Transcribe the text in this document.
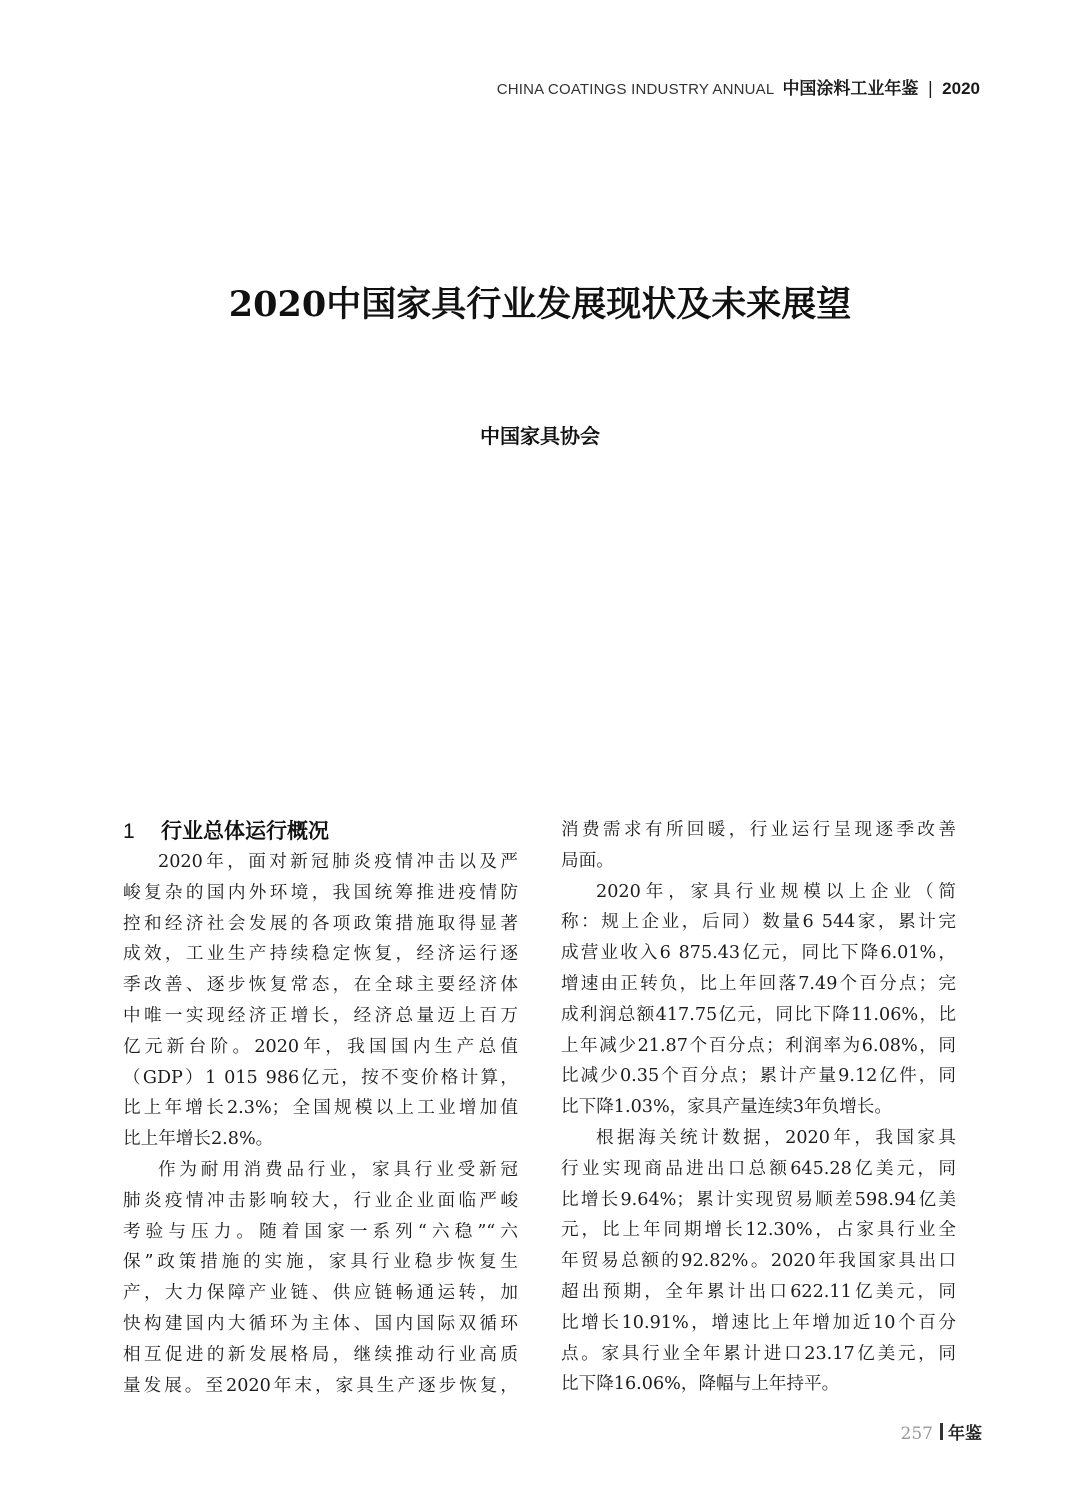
CHINA COATINGS INDUSTRY ANNUAL 中国涂料工业年鉴 | 2020
2020中国家具行业发展现状及未来展望

中国家具协会

1 行业总体运行概况
2020年，面对新冠肺炎疫情冲击以及严
峻复杂的国内外环境，我国统筹推进疫情防
控和经济社会发展的各项政策措施取得显著
成效，工业生产持续稳定恢复，经济运行逐
季改善、逐步恢复常态，在全球主要经济体
中唯一实现经济正增长，经济总量迈上百万
亿元新台阶。2020年，我国国内生产总值
（GDP）1 015 986亿元，按不变价格计算，
比上年增长2.3%；全国规模以上工业增加值
比上年增长2.8%。
作为耐用消费品行业，家具行业受新冠
肺炎疫情冲击影响较大，行业企业面临严峻
考验与压力。随着国家一系列“六稳”“六
保”政策措施的实施，家具行业稳步恢复生
产，大力保障产业链、供应链畅通运转，加
快构建国内大循环为主体、国内国际双循环
相互促进的新发展格局，继续推动行业高质
量发展。至2020年末，家具生产逐步恢复，
消费需求有所回暖，行业运行呈现逐季改善
局面。
2020年，家具行业规模以上企业（简
称：规上企业，后同）数量6 544家，累计完
成营业收入6 875.43亿元，同比下降6.01%，
增速由正转负，比上年回落7.49个百分点；完
成利润总额417.75亿元，同比下降11.06%，比
上年减少21.87个百分点；利润率为6.08%，同
比减少0.35个百分点；累计产量9.12亿件，同
比下降1.03%，家具产量连续3年负增长。
根据海关统计数据，2020年，我国家具
行业实现商品进出口总额645.28亿美元，同
比增长9.64%；累计实现贸易顺差598.94亿美
元，比上年同期增长12.30%，占家具行业全
年贸易总额的92.82%。2020年我国家具出口
超出预期，全年累计出口622.11亿美元，同
比增长10.91%，增速比上年增加近10个百分
点。家具行业全年累计进口23.17亿美元，同
比下降16.06%，降幅与上年持平。
257 年鉴
